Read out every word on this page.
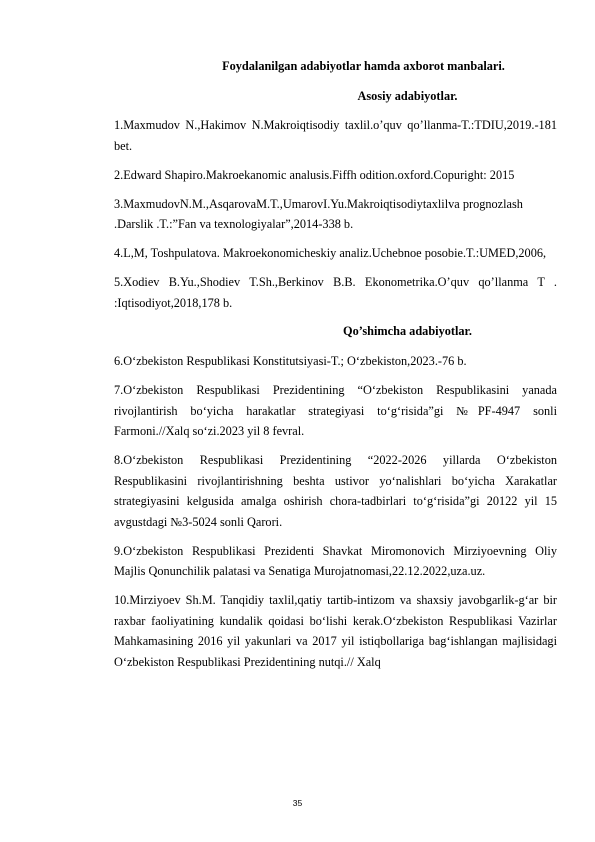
Foydalanilgan adabiyotlar hamda axborot manbalari.

Asosiy adabiyotlar.

1.Maxmudov N.,Hakimov N.Makroiqtisodiy taxlil.o’quv qo’llanma-T.:TDIU,2019.-181 bet.

2.Edward Shapiro.Makroekanomic analusis.Fiffh odition.oxford.Copuright: 2015

3.MaxmudovN.M.,AsqarovaM.T.,UmarovI.Yu.Makroiqtisodiytaxlilva prognozlash .Darslik .T.:”Fan va texnologiyalar”,2014-338 b.

4.L,M, Toshpulatova. Makroekonomicheskiy analiz.Uchebnoe posobie.T.:UMED,2006,

5.Xodiev B.Yu.,Shodiev T.Sh.,Berkinov B.B. Ekonometrika.O’quv qo’llanma T . :Iqtisodiyot,2018,178 b.

Qo’shimcha adabiyotlar.

6.O‘zbekiston Respublikasi Konstitutsiyasi-T.; O‘zbekiston,2023.-76 b.

7.O‘zbekiston Respublikasi Prezidentining “O‘zbekiston Respublikasini yanada rivojlantirish bo‘yicha harakatlar strategiyasi to‘g‘risida”gi №PF-4947 sonli Farmoni.//Xalq so‘zi.2023 yil 8 fevral.

8.O‘zbekiston Respublikasi Prezidentining “2022-2026 yillarda O‘zbekiston Respublikasini rivojlantirishning beshta ustivor yo‘nalishlari bo‘yicha Xarakatlar strategiyasini kelgusida amalga oshirish chora-tadbirlari to‘g‘risida”gi 20122 yil 15 avgustdagi №3-5024 sonli Qarori.

9.O‘zbekiston Respublikasi Prezidenti Shavkat Miromonovich Mirziyoevning Oliy Majlis Qonunchilik palatasi va Senatiga Murojatnomasi,22.12.2022,uza.uz.

10.Mirziyoev Sh.M. Tanqidiy taxlil,qatiy tartib-intizom va shaxsiy javobgarlik-g‘ar bir raxbar faoliyatining kundalik qoidasi bo‘lishi kerak.O‘zbekiston Respublikasi Vazirlar Mahkamasining 2016 yil yakunlari va 2017 yil istiqbollariga bag‘ishlangan majlisidagi O‘zbekiston Respublikasi Prezidentining nutqi.// Xalq

35
